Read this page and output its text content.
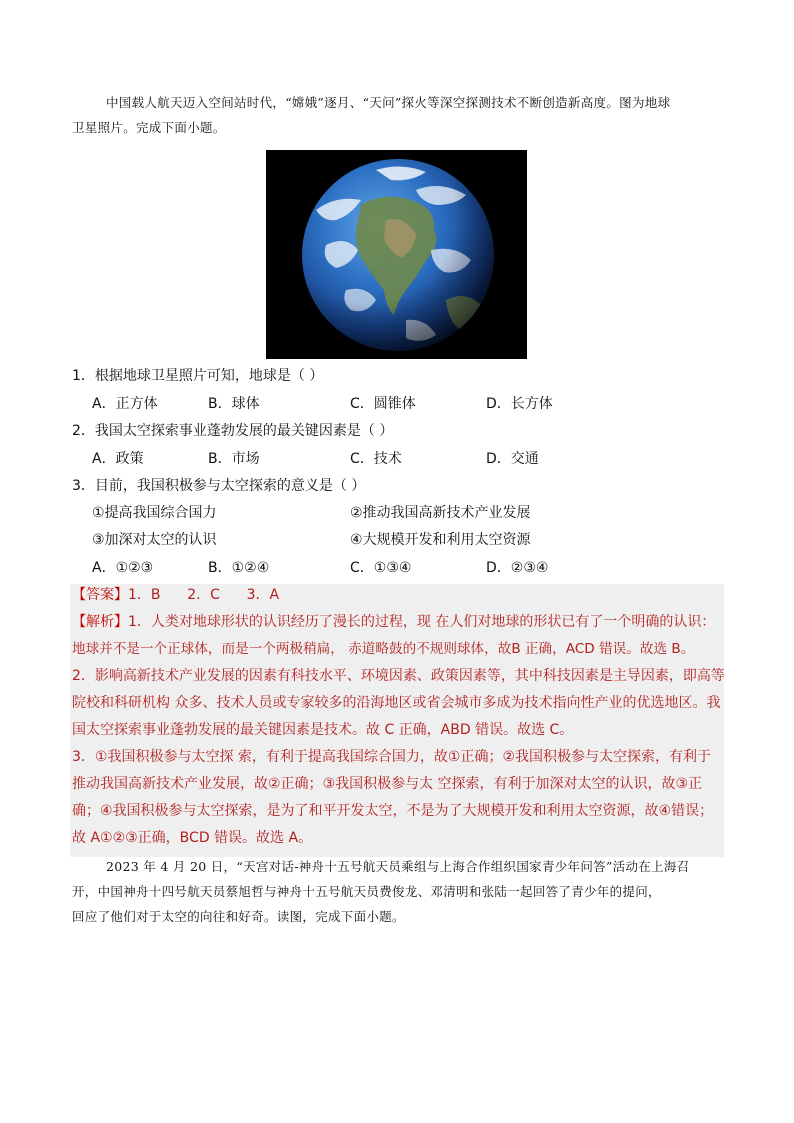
中国载人航天迈入空间站时代，“嫦娥”逐月、“天问”探火等深空探测技术不断创造新高度。图为地球
卫星照片。完成下面小题。
1．根据地球卫星照片可知，地球是（ ）
A．正方体	B．球体	C．圆锥体	D．长方体
2．我国太空探索事业蓬勃发展的最关键因素是（ ）
A．政策	B．市场	C．技术	D．交通
3．目前，我国积极参与太空探索的意义是（ ）
①提高我国综合国力	②推动我国高新技术产业发展
③加深对太空的认识	④大规模开发和利用太空资源
A．①②③	B．①②④	C．①③④	D．②③④
【答案】1．B      2．C      3．A
【解析】1．人类对地球形状的认识经历了漫长的过程，现 在人们对地球的形状已有了一个明确的认识：
地球并不是一个正球体，而是一个两极稍扁， 赤道略鼓的不规则球体，故B 正确，ACD 错误。故选 B。
2．影响高新技术产业发展的因素有科技水平、环境因素、政策因素等，其中科技因素是主导因素，即高等
院校和科研机构 众多、技术人员或专家较多的沿海地区或省会城市多成为技术指向性产业的优选地区。我
国太空探索事业蓬勃发展的最关键因素是技术。故 C 正确，ABD 错误。故选 C。
3．①我国积极参与太空探 索，有利于提高我国综合国力，故①正确；②我国积极参与太空探索，有利于
推动我国高新技术产业发展，故②正确；③我国积极参与太 空探索，有利于加深对太空的认识，故③正
确；④我国积极参与太空探索，是为了和平开发太空，不是为了大规模开发和利用太空资源，故④错误；
故 A①②③正确，BCD 错误。故选 A。
2023 年 4 月 20 日，“天宫对话-神舟十五号航天员乘组与上海合作组织国家青少年问答”活动在上海召
开，中国神舟十四号航天员蔡旭哲与神舟十五号航天员费俊龙、邓清明和张陆一起回答了青少年的提问，
回应了他们对于太空的向往和好奇。读图，完成下面小题。
